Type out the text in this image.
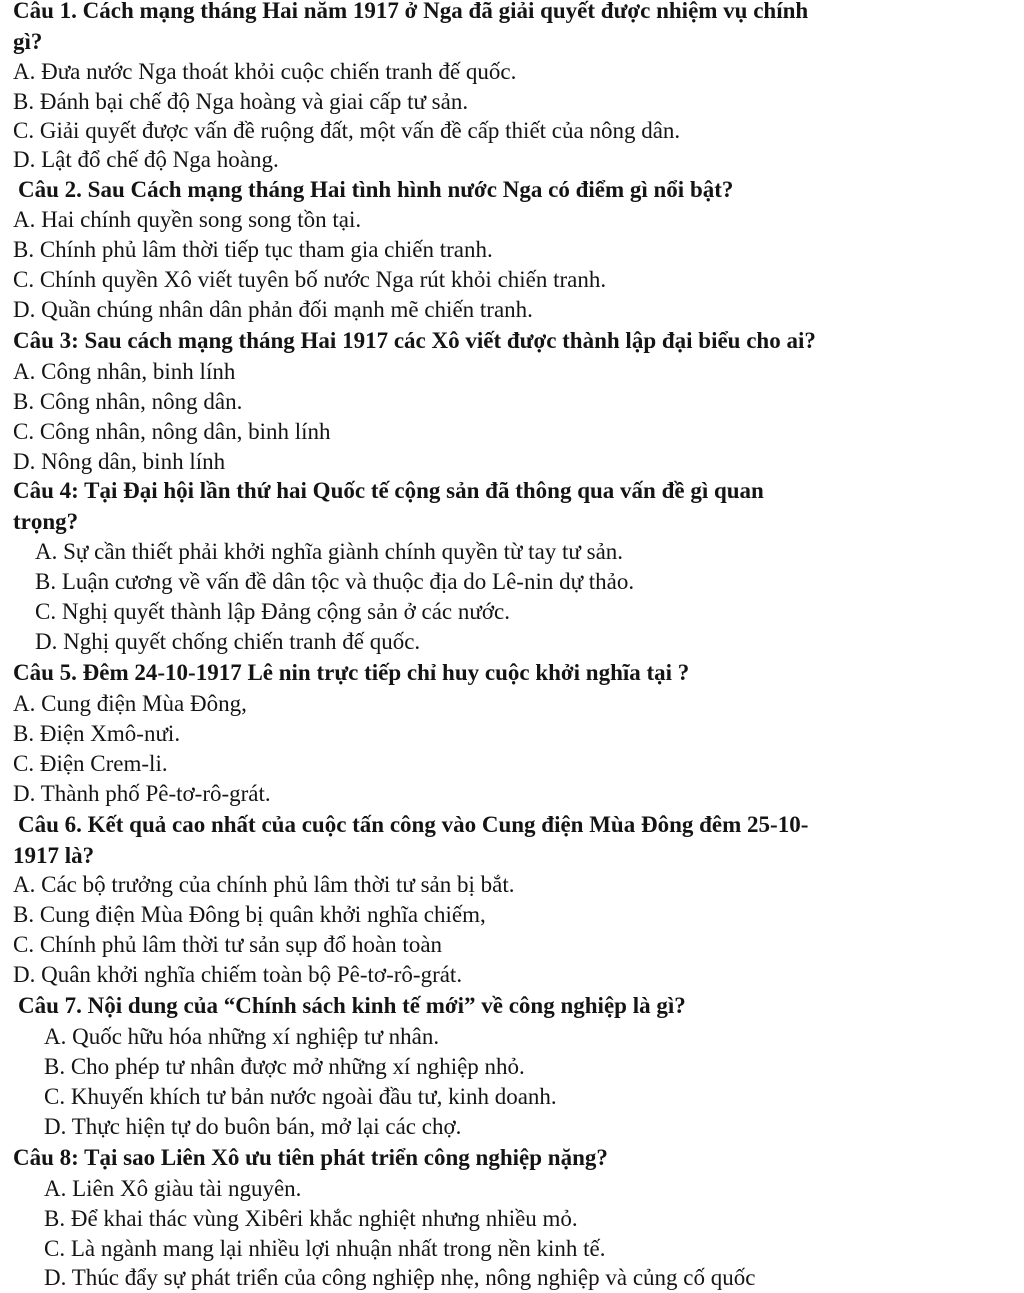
Câu 1. Cách mạng tháng Hai năm 1917 ở Nga đã giải quyết được nhiệm vụ chính
gì?
A. Đưa nước Nga thoát khỏi cuộc chiến tranh đế quốc.
B. Đánh bại chế độ Nga hoàng và giai cấp tư sản.
C. Giải quyết được vấn đề ruộng đất, một vấn đề cấp thiết của nông dân.
D. Lật đổ chế độ Nga hoàng.
Câu 2. Sau Cách mạng tháng Hai tình hình nước Nga có điểm gì nổi bật?
A. Hai chính quyền song song tồn tại.
B. Chính phủ lâm thời tiếp tục tham gia chiến tranh.
C. Chính quyền Xô viết tuyên bố nước Nga rút khỏi chiến tranh.
D. Quần chúng nhân dân phản đối mạnh mẽ chiến tranh.
Câu 3: Sau cách mạng tháng Hai 1917 các Xô viết được thành lập đại biểu cho ai?
A. Công nhân, binh lính
B. Công nhân, nông dân.
C. Công nhân, nông dân, binh lính
D. Nông dân, binh lính
Câu 4: Tại Đại hội lần thứ hai Quốc tế cộng sản đã thông qua vấn đề gì quan
trọng?
A. Sự cần thiết phải khởi nghĩa giành chính quyền từ tay tư sản.
B. Luận cương về vấn đề dân tộc và thuộc địa do Lê-nin dự thảo.
C. Nghị quyết thành lập Đảng cộng sản ở các nước.
D. Nghị quyết chống chiến tranh đế quốc.
Câu 5. Đêm 24-10-1917 Lê nin trực tiếp chỉ huy cuộc khởi nghĩa tại ?
A. Cung điện Mùa Đông,
B. Điện Xmô-nưi.
C. Điện Crem-li.
D. Thành phố Pê-tơ-rô-grát.
Câu 6. Kết quả cao nhất của cuộc tấn công vào Cung điện Mùa Đông đêm 25-10-
1917 là?
A. Các bộ trưởng của chính phủ lâm thời tư sản bị bắt.
B. Cung điện Mùa Đông bị quân khởi nghĩa chiếm,
C. Chính phủ lâm thời tư sản sụp đổ hoàn toàn
D. Quân khởi nghĩa chiếm toàn bộ Pê-tơ-rô-grát.
Câu 7. Nội dung của “Chính sách kinh tế mới” về công nghiệp là gì?
A. Quốc hữu hóa những xí nghiệp tư nhân.
B. Cho phép tư nhân được mở những xí nghiệp nhỏ.
C. Khuyến khích tư bản nước ngoài đầu tư, kinh doanh.
D. Thực hiện tự do buôn bán, mở lại các chợ.
Câu 8: Tại sao Liên Xô ưu tiên phát triển công nghiệp nặng?
A. Liên Xô giàu tài nguyên.
B. Để khai thác vùng Xibêri khắc nghiệt nhưng nhiều mỏ.
C. Là ngành mang lại nhiều lợi nhuận nhất trong nền kinh tế.
D. Thúc đẩy sự phát triển của công nghiệp nhẹ, nông nghiệp và củng cố quốc
